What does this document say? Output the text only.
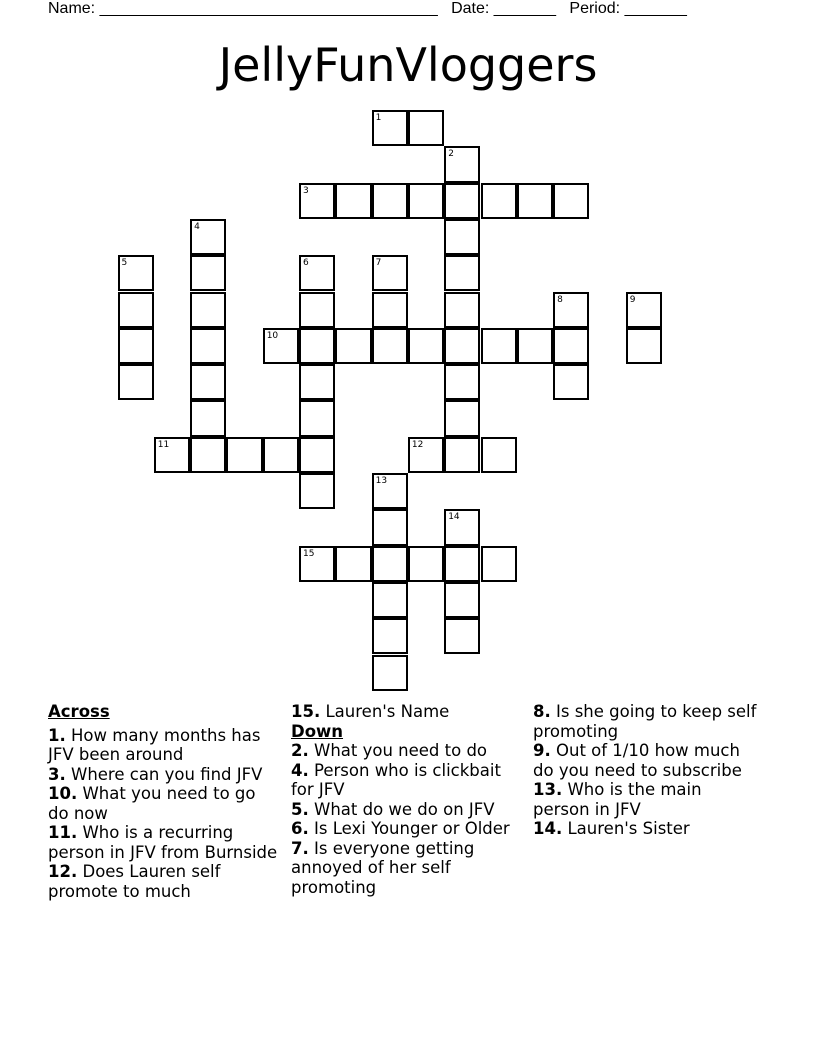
Name: ______________________________________ Date: _______ Period: _______
JellyFunVloggers
1
2
3
4
5	6	7
8	9
10
11	12
13
14
15
Across
1. How many months has JFV been around
3. Where can you find JFV
10. What you need to go do now
11. Who is a recurring person in JFV from Burnside
12. Does Lauren self promote to much
15. Lauren's Name
Down
2. What you need to do
4. Person who is clickbait for JFV
5. What do we do on JFV
6. Is Lexi Younger or Older
7. Is everyone getting annoyed of her self promoting
8. Is she going to keep self promoting
9. Out of 1/10 how much do you need to subscribe
13. Who is the main person in JFV
14. Lauren's Sister
